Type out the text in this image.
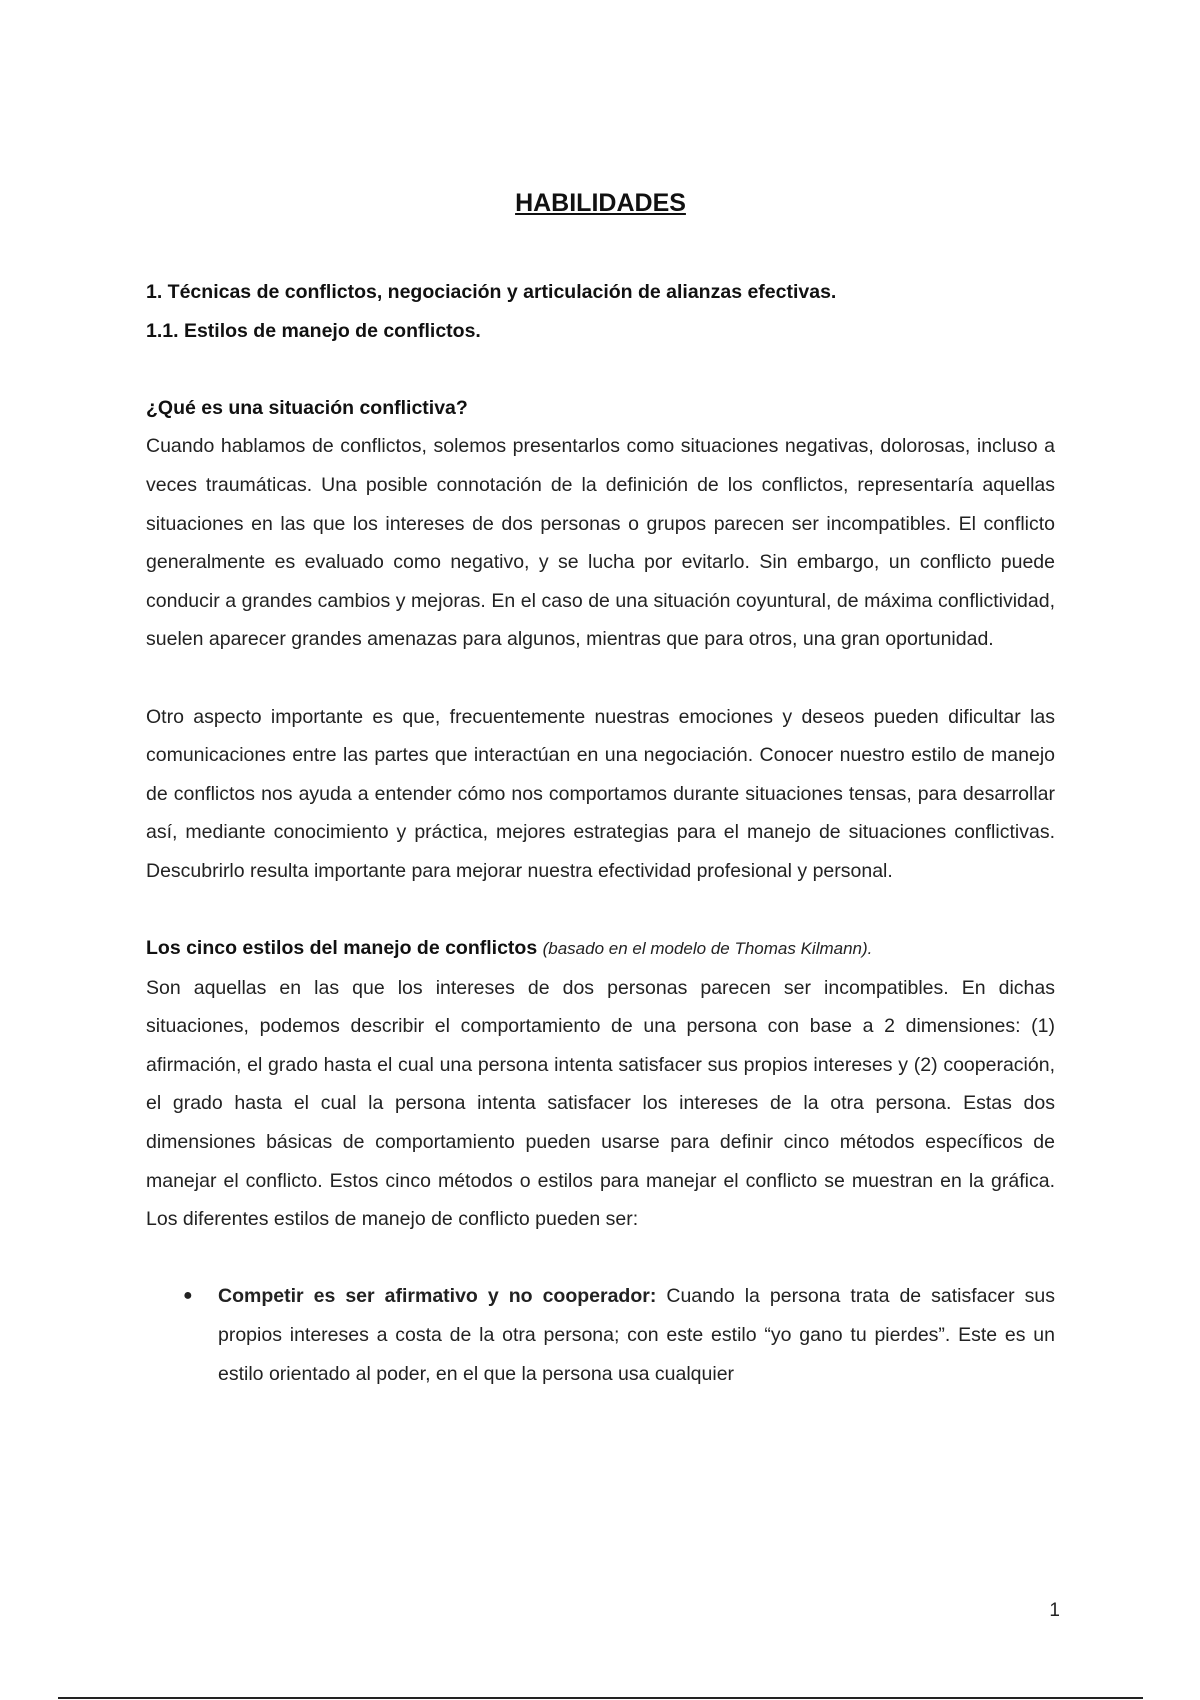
HABILIDADES
1. Técnicas de conflictos, negociación y articulación de alianzas efectivas.
1.1. Estilos de manejo de conflictos.
¿Qué es una situación conflictiva?

Cuando hablamos de conflictos, solemos presentarlos como situaciones negativas, dolorosas, incluso a veces traumáticas. Una posible connotación de la definición de los conflictos, representaría aquellas situaciones en las que los intereses de dos personas o grupos parecen ser incompatibles. El conflicto generalmente es evaluado como negativo, y se lucha por evitarlo. Sin embargo, un conflicto puede conducir a grandes cambios y mejoras. En el caso de una situación coyuntural, de máxima conflictividad, suelen aparecer grandes amenazas para algunos, mientras que para otros, una gran oportunidad.

Otro aspecto importante es que, frecuentemente nuestras emociones y deseos pueden dificultar las comunicaciones entre las partes que interactúan en una negociación. Conocer nuestro estilo de manejo de conflictos nos ayuda a entender cómo nos comportamos durante situaciones tensas, para desarrollar así, mediante conocimiento y práctica, mejores estrategias para el manejo de situaciones conflictivas. Descubrirlo resulta importante para mejorar nuestra efectividad profesional y personal.

Los cinco estilos del manejo de conflictos (basado en el modelo de Thomas Kilmann).

Son aquellas en las que los intereses de dos personas parecen ser incompatibles. En dichas situaciones, podemos describir el comportamiento de una persona con base a 2 dimensiones: (1) afirmación, el grado hasta el cual una persona intenta satisfacer sus propios intereses y (2) cooperación, el grado hasta el cual la persona intenta satisfacer los intereses de la otra persona. Estas dos dimensiones básicas de comportamiento pueden usarse para definir cinco métodos específicos de manejar el conflicto. Estos cinco métodos o estilos para manejar el conflicto se muestran en la gráfica. Los diferentes estilos de manejo de conflicto pueden ser:

● Competir es ser afirmativo y no cooperador: Cuando la persona trata de satisfacer sus propios intereses a costa de la otra persona; con este estilo “yo gano tu pierdes”. Este es un estilo orientado al poder, en el que la persona usa cualquier
1
